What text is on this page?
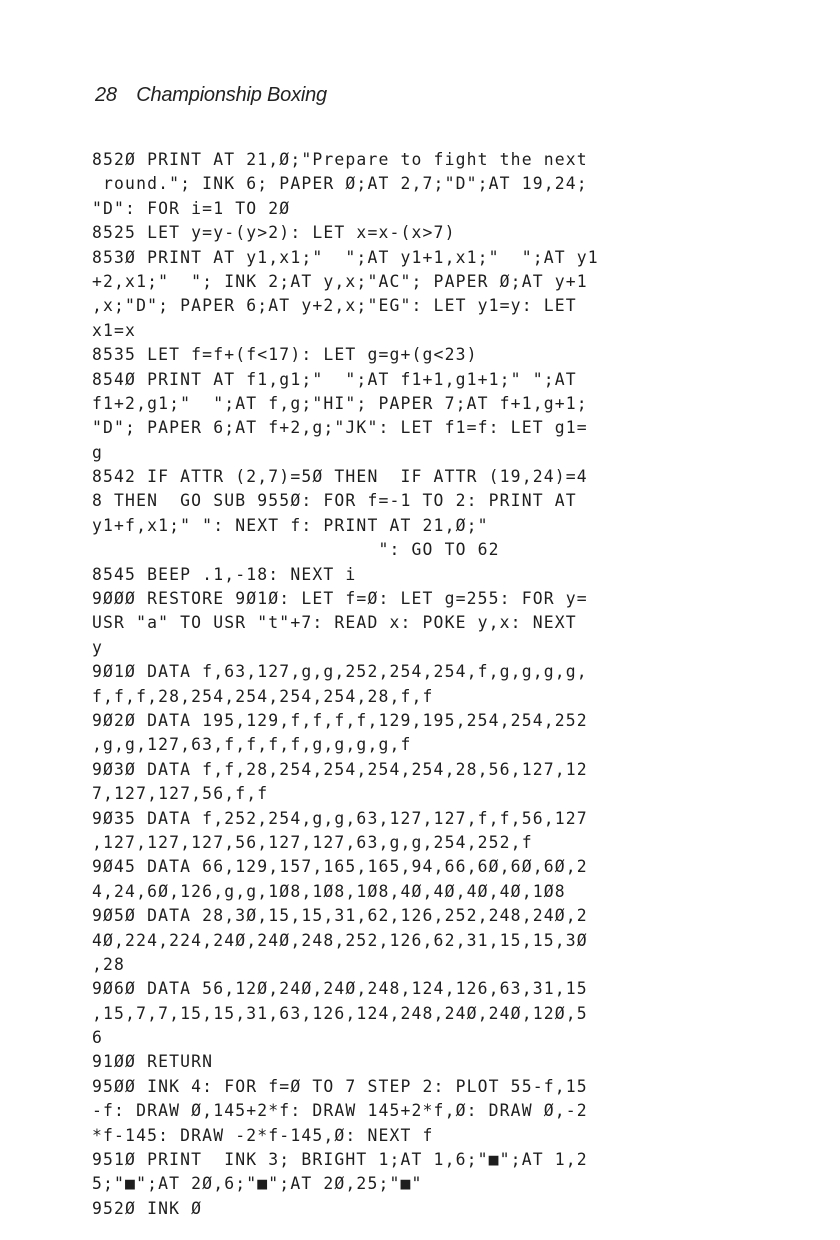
28 Championship Boxing
852Ø PRINT AT 21,Ø;"Prepare to fight the next
round."; INK 6; PAPER Ø;AT 2,7;"D";AT 19,24;
"D": FOR i=1 TO 2Ø
8525 LET y=y-(y>2): LET x=x-(x>7)
853Ø PRINT AT y1,x1;"  ";AT y1+1,x1;"  ";AT y1
+2,x1;"  "; INK 2;AT y,x;"AC"; PAPER Ø;AT y+1
,x;"D"; PAPER 6;AT y+2,x;"EG": LET y1=y: LET
x1=x
8535 LET f=f+(f<17): LET g=g+(g<23)
854Ø PRINT AT f1,g1;"  ";AT f1+1,g1+1;" ";AT
f1+2,g1;"  ";AT f,g;"HI"; PAPER 7;AT f+1,g+1;
"D"; PAPER 6;AT f+2,g;"JK": LET f1=f: LET g1=
g
8542 IF ATTR (2,7)=5Ø THEN  IF ATTR (19,24)=4
8 THEN  GO SUB 955Ø: FOR f=-1 TO 2: PRINT AT
y1+f,x1;" ": NEXT f: PRINT AT 21,Ø;"
": GO TO 62
8545 BEEP .1,-18: NEXT i
9ØØØ RESTORE 9Ø1Ø: LET f=Ø: LET g=255: FOR y=
USR "a" TO USR "t"+7: READ x: POKE y,x: NEXT
y
9Ø1Ø DATA f,63,127,g,g,252,254,254,f,g,g,g,g,
f,f,f,28,254,254,254,254,28,f,f
9Ø2Ø DATA 195,129,f,f,f,f,129,195,254,254,252
,g,g,127,63,f,f,f,f,g,g,g,g,f
9Ø3Ø DATA f,f,28,254,254,254,254,28,56,127,12
7,127,127,56,f,f
9Ø35 DATA f,252,254,g,g,63,127,127,f,f,56,127
,127,127,127,56,127,127,63,g,g,254,252,f
9Ø45 DATA 66,129,157,165,165,94,66,6Ø,6Ø,6Ø,2
4,24,6Ø,126,g,g,1Ø8,1Ø8,1Ø8,4Ø,4Ø,4Ø,4Ø,1Ø8
9Ø5Ø DATA 28,3Ø,15,15,31,62,126,252,248,24Ø,2
4Ø,224,224,24Ø,24Ø,248,252,126,62,31,15,15,3Ø
,28
9Ø6Ø DATA 56,12Ø,24Ø,24Ø,248,124,126,63,31,15
,15,7,7,15,15,31,63,126,124,248,24Ø,24Ø,12Ø,5
6
91ØØ RETURN
95ØØ INK 4: FOR f=Ø TO 7 STEP 2: PLOT 55-f,15
-f: DRAW Ø,145+2*f: DRAW 145+2*f,Ø: DRAW Ø,-2
*f-145: DRAW -2*f-145,Ø: NEXT f
951Ø PRINT  INK 3; BRIGHT 1;AT 1,6;"■";AT 1,2
5;"■";AT 2Ø,6;"■";AT 2Ø,25;"■"
952Ø INK Ø
